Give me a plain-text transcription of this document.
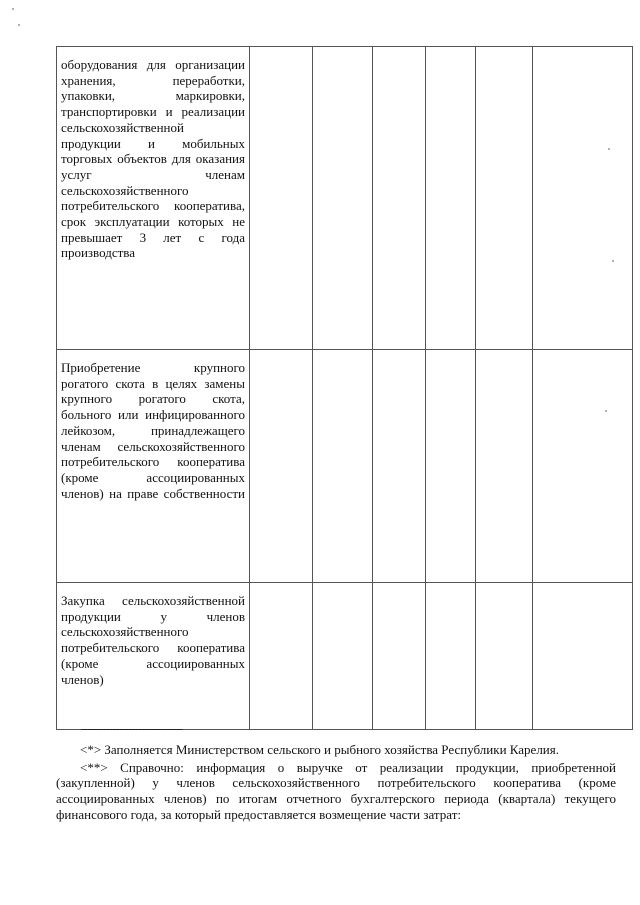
оборудования для организации хранения, переработки, упаковки, маркировки, транспортировки и реализации сельскохозяйственной продукции и мобильных торговых объектов для оказания услуг членам сельскохозяйственного потребительского кооператива, срок эксплуатации которых не превышает 3 лет с года производства						
Приобретение крупного рогатого скота в целях замены крупного рогатого скота, больного или инфицированного лейкозом, принадлежащего членам сельскохозяйственного потребительского кооператива (кроме ассоциированных членов) на праве собственности						
Закупка сельскохозяйственной продукции у членов сельскохозяйственного потребительского кооператива (кроме ассоциированных членов)						
--------------------------------

<*> Заполняется Министерством сельского и рыбного хозяйства Республики Карелия.

<**> Справочно: информация о выручке от реализации продукции, приобретенной (закупленной) у членов сельскохозяйственного потребительского кооператива (кроме ассоциированных членов) по итогам отчетного бухгалтерского периода (квартала) текущего финансового года, за который предоставляется возмещение части затрат:
